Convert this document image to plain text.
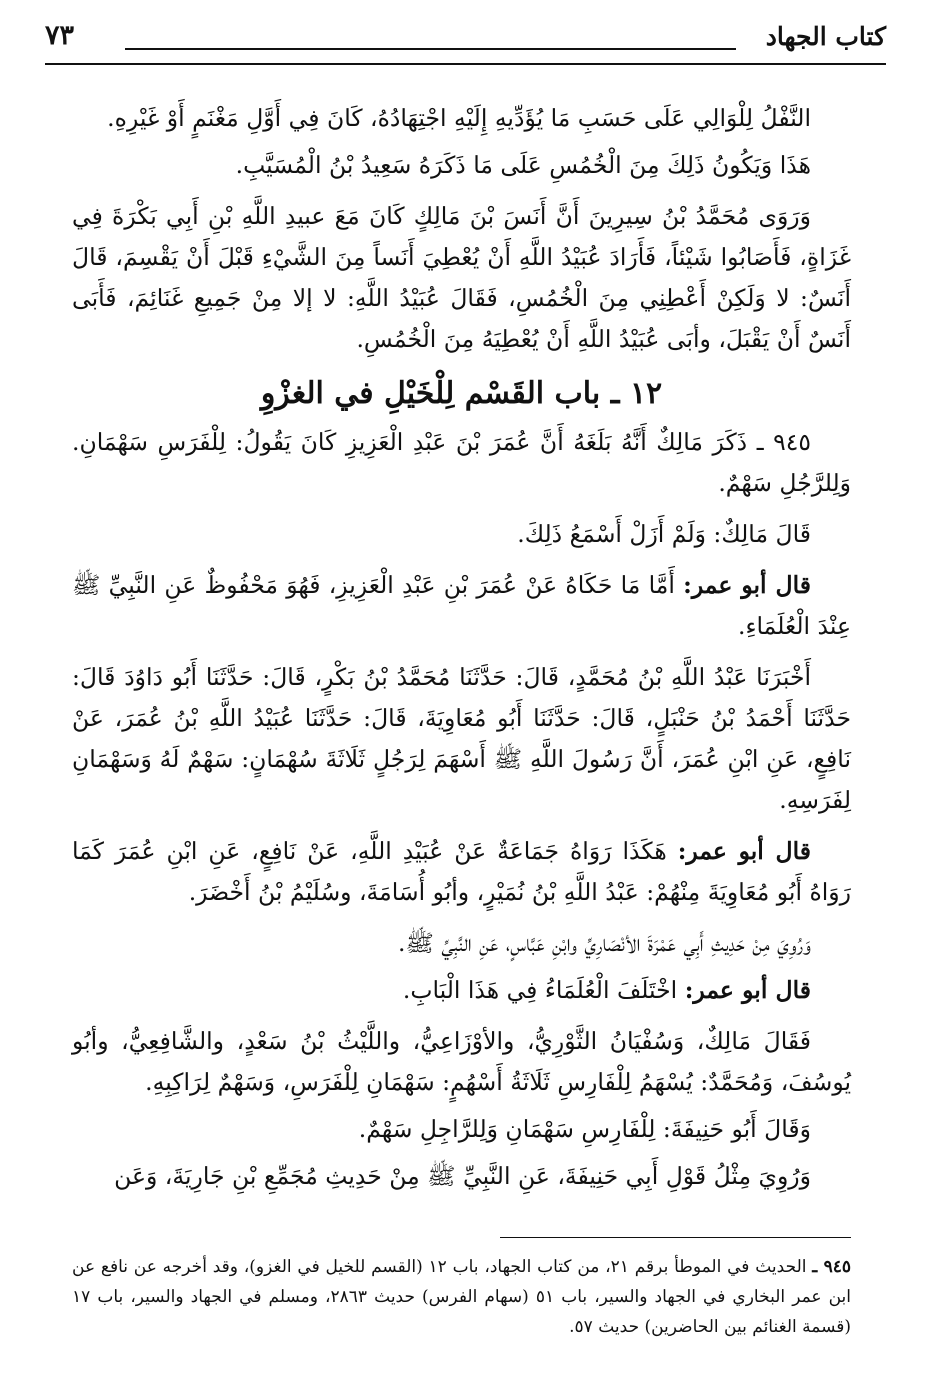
كتاب الجهاد
٧٣

النَّفْلُ لِلْوَالِي عَلَى حَسَبِ مَا يُؤَدِّيهِ إِلَيْهِ اجْتِهَادُهُ، كَانَ فِي أَوَّلِ مَغْنَمٍ أَوْ غَيْرِهِ.

هَذَا وَيَكُونُ ذَلِكَ مِنَ الْخُمُسِ عَلَى مَا ذَكَرَهُ سَعِيدُ بْنُ الْمُسَيَّبِ.

وَرَوَى مُحَمَّدُ بْنُ سِيرِينَ أَنَّ أَنَسَ بْنَ مَالِكٍ كَانَ مَعَ عبيدِ اللَّهِ بْنِ أَبِي بَكْرَةَ فِي غَزَاةٍ، فَأَصَابُوا شَيْئاً، فَأَرَادَ عُبَيْدُ اللَّهِ أَنْ يُعْطِيَ أَنَساً مِنَ الشَّيْءِ قَبْلَ أَنْ يَقْسِمَ، قَالَ أَنَسٌ: لا وَلَكِنْ أَعْطِنِي مِنَ الْخُمُسِ، فَقَالَ عُبَيْدُ اللَّهِ: لا إلا مِنْ جَمِيعِ غَنَائِمَ، فَأَبَى أَنَسٌ أَنْ يَقْبَلَ، وأبَى عُبَيْدُ اللَّهِ أَنْ يُعْطِيَهُ مِنَ الْخُمُسِ.

١٢ ـ باب القَسْم لِلْخَيْلِ في الغزْوِ

٩٤٥ ـ ذَكَرَ مَالِكٌ أَنَّهُ بَلَغَهُ أَنَّ عُمَرَ بْنَ عَبْدِ الْعَزِيزِ كَانَ يَقُولُ: لِلْفَرَسِ سَهْمَانِ. وَلِلرَّجُلِ سَهْمٌ.

قَالَ مَالِكٌ: وَلَمْ أَزَلْ أَسْمَعُ ذَلِكَ.

قال أبو عمر: أَمَّا مَا حَكَاهُ عَنْ عُمَرَ بْنِ عَبْدِ الْعَزِيزِ، فَهُوَ مَحْفُوظٌ عَنِ النَّبِيِّ ﷺ عِنْدَ الْعُلَمَاءِ.

أَخْبَرَنَا عَبْدُ اللَّهِ بْنُ مُحَمَّدٍ، قَالَ: حَدَّثَنَا مُحَمَّدُ بْنُ بَكْرٍ، قَالَ: حَدَّثَنَا أَبُو دَاوُدَ قَالَ: حَدَّثَنَا أَحْمَدُ بْنُ حَنْبَلٍ، قَالَ: حَدَّثَنَا أَبُو مُعَاوِيَةَ، قَالَ: حَدَّثَنَا عُبَيْدُ اللَّهِ بْنُ عُمَرَ، عَنْ نَافِعٍ، عَنِ ابْنِ عُمَرَ، أَنَّ رَسُولَ اللَّهِ ﷺ أَسْهَمَ لِرَجُلٍ ثَلَاثَةَ سُهْمَانٍ: سَهْمٌ لَهُ وَسَهْمَانِ لِفَرَسِهِ.

قال أبو عمر: هَكَذَا رَوَاهُ جَمَاعَةٌ عَنْ عُبَيْدِ اللَّهِ، عَنْ نَافِعٍ، عَنِ ابْنِ عُمَرَ كَمَا رَوَاهُ أَبُو مُعَاوِيَةَ مِنْهُمْ: عَبْدُ اللَّهِ بْنُ نُمَيْرٍ، وأبُو أُسَامَةَ، وسُلَيْمُ بْنُ أَخْضَرَ.

وَرُوِيَ مِنْ حَدِيثِ أَبِي عَمْرَةَ الأنْصَارِيِّ وابْنِ عَبَّاسٍ، عَنِ النَّبِيِّ ﷺ.

قال أبو عمر: اخْتَلَفَ الْعُلَمَاءُ فِي هَذَا الْبَابِ.

فَقَالَ مَالِكٌ، وَسُفْيَانُ الثَّوْرِيُّ، والأوْزَاعِيُّ، واللَّيْثُ بْنُ سَعْدٍ، والشَّافِعِيُّ، وأبُو يُوسُفَ، وَمُحَمَّدٌ: يُسْهَمُ لِلْفَارِسِ ثَلَاثَةُ أَسْهُمٍ: سَهْمَانِ لِلْفَرَسِ، وَسَهْمٌ لِرَاكِبِهِ.

وَقَالَ أَبُو حَنِيفَةَ: لِلْفَارِسِ سَهْمَانِ وَلِلرَّاجِلِ سَهْمٌ.

وَرُوِيَ مِثْلُ قَوْلِ أَبِي حَنِيفَةَ، عَنِ النَّبِيِّ ﷺ مِنْ حَدِيثِ مُجَمِّعِ بْنِ جَارِيَةَ، وَعَن

٩٤٥ ـ الحديث في الموطأ برقم ٢١، من كتاب الجهاد، باب ١٢ (القسم للخيل في الغزو)، وقد أخرجه عن نافع عن ابن عمر البخاري في الجهاد والسير، باب ٥١ (سهام الفرس) حديث ٢٨٦٣، ومسلم في الجهاد والسير، باب ١٧ (قسمة الغنائم بين الحاضرين) حديث ٥٧.
